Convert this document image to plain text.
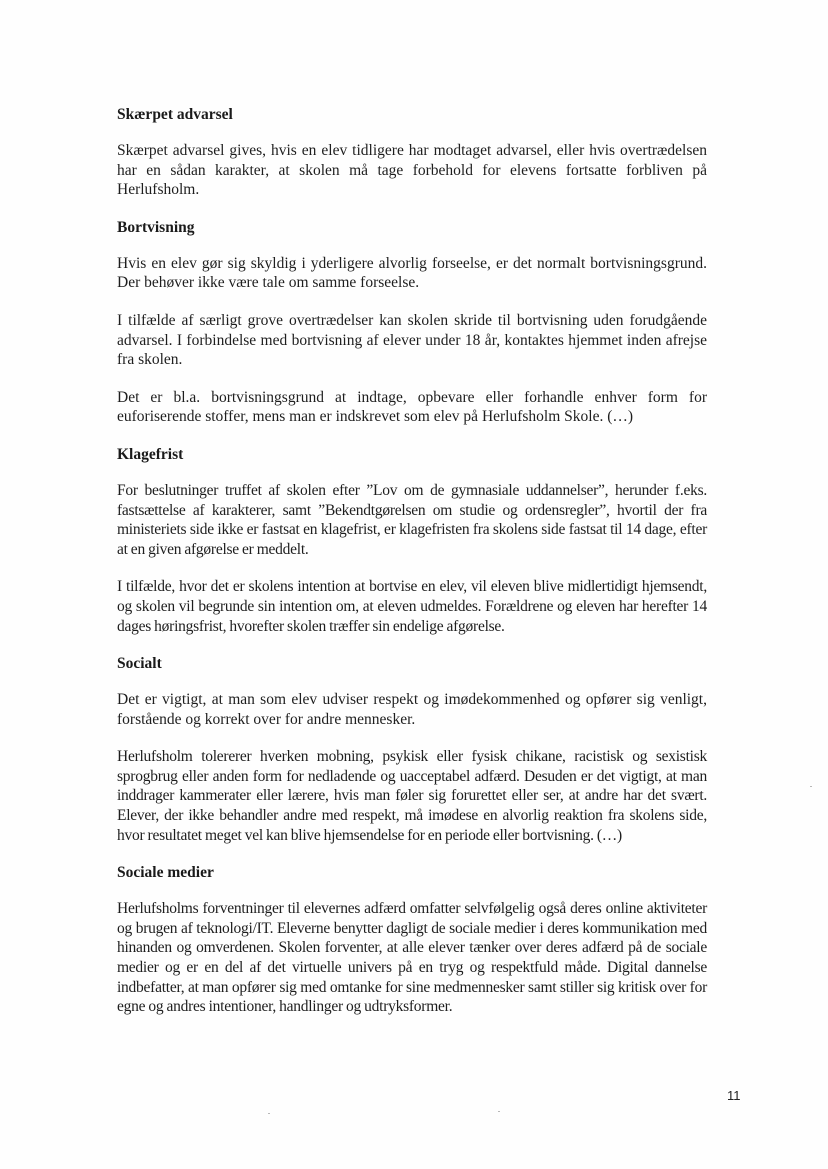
Skærpet advarsel

Skærpet advarsel gives, hvis en elev tidligere har modtaget advarsel, eller hvis overtrædelsen har en sådan karakter, at skolen må tage forbehold for elevens fortsatte forbliven på Herlufsholm.

Bortvisning

Hvis en elev gør sig skyldig i yderligere alvorlig forseelse, er det normalt bortvisningsgrund. Der behøver ikke være tale om samme forseelse.

I tilfælde af særligt grove overtrædelser kan skolen skride til bortvisning uden forudgående advarsel. I forbindelse med bortvisning af elever under 18 år, kontaktes hjemmet inden afrejse fra skolen.

Det er bl.a. bortvisningsgrund at indtage, opbevare eller forhandle enhver form for euforiserende stoffer, mens man er indskrevet som elev på Herlufsholm Skole. (…)

Klagefrist

For beslutninger truffet af skolen efter ”Lov om de gymnasiale uddannelser”, herunder f.eks. fastsættelse af karakterer, samt ”Bekendtgørelsen om studie og ordensregler”, hvortil der fra ministeriets side ikke er fastsat en klagefrist, er klagefristen fra skolens side fastsat til 14 dage, efter at en given afgørelse er meddelt.

I tilfælde, hvor det er skolens intention at bortvise en elev, vil eleven blive midlertidigt hjemsendt, og skolen vil begrunde sin intention om, at eleven udmeldes. Forældrene og eleven har herefter 14 dages høringsfrist, hvorefter skolen træffer sin endelige afgørelse.

Socialt

Det er vigtigt, at man som elev udviser respekt og imødekommenhed og opfører sig venligt, forstående og korrekt over for andre mennesker.

Herlufsholm tolererer hverken mobning, psykisk eller fysisk chikane, racistisk og sexistisk sprogbrug eller anden form for nedladende og uacceptabel adfærd. Desuden er det vigtigt, at man inddrager kammerater eller lærere, hvis man føler sig forurettet eller ser, at andre har det svært. Elever, der ikke behandler andre med respekt, må imødese en alvorlig reaktion fra skolens side, hvor resultatet meget vel kan blive hjemsendelse for en periode eller bortvisning. (…)

Sociale medier

Herlufsholms forventninger til elevernes adfærd omfatter selvfølgelig også deres online aktiviteter og brugen af teknologi/IT. Eleverne benytter dagligt de sociale medier i deres kommunikation med hinanden og omverdenen. Skolen forventer, at alle elever tænker over deres adfærd på de sociale medier og er en del af det virtuelle univers på en tryg og respektfuld måde. Digital dannelse indbefatter, at man opfører sig med omtanke for sine medmennesker samt stiller sig kritisk over for egne og andres intentioner, handlinger og udtryksformer.

11
